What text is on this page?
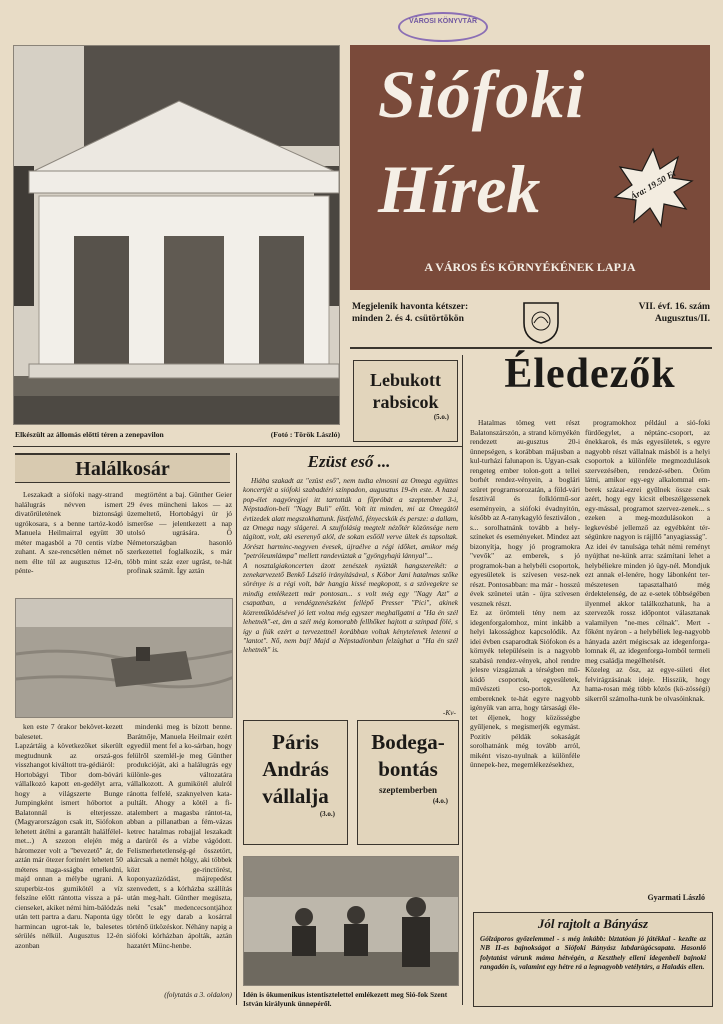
Elkészült az állomás előtti téren a zenepavilon	(Fotó : Török László)
Siófoki
Hírek
A VÁROS ÉS KÖRNYÉKÉNEK LAPJA
Ára: 19.50 Ft
VÁROSI KÖNYVTÁR
Megjelenik havonta kétszer:
minden 2. és 4. csütörtökön
VII. évf. 16. szám
Augusztus/II.
Lebukott
rabsicok
(5.o.)
Éledezők

Hatalmas tömeg vett részt Balatonszárszón, a strand környékén rendezett au-gusztus 20-i ünnepségen, s korábban májusban a kul-turházi falunapon is. Ugyan-csak rengeteg ember tolon-gott a tellei borhét rendez-vényein, a boglári szüret programsorozatán, a föld-vári fesztivál és folklórmű-sor eseményein, a siófoki évadnyitón, később az A-ranykagyló fesztiválon , s... sorolhatnánk tovább a hely-színeket és eseményeket. Mindez azt bizonyítja, hogy jó programokra "vevők" az emberek, s jó programok-ban a helybéli csoportok, egyesületek is szívesen vesz-nek részt. Pontosabban: ma már - hosszú évek szünetei után - újra szívesen vesznek részt.
Ez az örömteli tény nem az idegenforgalomhoz, mint inkább a helyi lakossághoz kapcsolódik. Az idei évben csaparodtak Siófokon és a környék településein is a nagyobb szabású rendez-vények, ahol rendre jelesre vizsgáznak a térségben mű-ködő csoportok, egyesületek, művészeti cso-portok. Az embereknek te-hát egyre nagyobb igényük van arra, hogy társasági éle-tet éljenek, hogy közösségbe gyűljenek, s megismerjék egymást. Pozitív példák sokaságát sorolhatnánk még tovább arról, miként viszo-nyulnak a különféle ünnepek-hez, megemlékezésekhez,

programokhoz például a sió-foki fürdőegylet, a néptánc-csoport, az énekkarok, és más egyesületek, s egyre nagyobb részt vállalnak másból is a helyi csoportok a különféle megmozdulások szervezésében, rendezé-sében. Öröm látni, amikor egy-egy alkalommal em-berek százai-ezrei gyűlnek össze csak azért, hogy egy kicsit elbeszélgessenek egy-mással, programot szervez-zenek... s ezeken a meg-mozdulásokon a legkevésbé jellemző az egyébként tér-ségünkre nagyon is rájjllő "anyagiasság".
Az idei év tanulsága tehát némi reményt nyújthat ne-künk arra: számítani lehet a helybéliekre minden jó ügy-nél. Mondjuk ezt annak el-lenére, hogy lábonként ter-mészetesen tapasztalható még érdektelenség, de az e-setek többségében ilyenmel akkor találkozhatunk, ha a szervezők rossz időpontot választanak valamilyen "ne-mes célnak". Mert - főként nyáron - a helybéliek leg-nagyobb hányada azért mégiscsak az idegenforga-lomnak él, az idegenforga-lomból termeli meg családja megélhetését.
Közeleg az ősz, az egye-sületi élet felvirágzásának ideje. Hisszük, hogy hama-rosan még több közös (kö-zösségi) sikerről számolha-tunk be olvasóinknak.

Gyarmati László
Jól rajtolt a Bányász
Gólzáporos győzelemmel - s még inkább: biztatóan jó játékkal - kezdte az NB II-es bajnokságot a Siófoki Bányász labdarúgócsapata. Hasonló folytatást várunk máma hétvégén, a Keszthely elleni idegenbeli bajnoki rangadón is, valamint egy hétre rá a legnagyobb vetélytárs, a Haladás ellen.
Halálkosár

Leszakadt a siófoki nagy-strand halálugrás névven ismert divatőrületének biztonsági ugrókosara, s a benne tartóz-kodó Manuela Heilmairral együtt 30 méter magasból a 70 centis vízbe zuhant. A sze-rencsétlen német nő nem élte túl az augusztus 12-én, pénte-

megtörtént a baj. Günther Geier 29 éves müncheni lakos — az üzemeltető, Hortobágyi úr jó ismerőse — jelentkezett a nap utolsó ugrására. Ő Németországban hasonló szerkezettel foglalkozik, s már több mint száz ezer ugrást, te-hát profinak számít. Így aztán

ken este 7 órakor bekövet-kezett balesetet.
Lapzártáig a következőket sikerült megtudnunk az orszá-gos visszhangot kiváltott tra-gédiáról:
Hortobágyi Tibor dom-bóvári vállalkozó kapott en-gedélyt arra, hogy a világszerte Bunge Jumpingként ismert hóbortot a Balatonnál is elterjessze. (Magyarországon csak itt, Siófokon lehetett átélni a garantált halálfélel-met...) A szezon elején még háromezer volt a "bevezető" ár, de aztán már ötezer forintért lehetett 50 méteres maga-sságba emelkedni, majd onnan a mélybe ugrani. A szuperbiz-tos gumikötél a víz felszíne előtt rántotta vissza a pá-cienseket, akiket némi him-bálódzás után tett partra a daru. Naponta úgy harmincan ugrot-tak le, balesetes sérülés nélkül. Augusztus 12-én azonban

mindenki meg is bízott benne. Barátnője, Manuela Heilmair ezért egyedül ment fel a ko-sárban, hogy felülről szemlél-je meg Günther produkcióját, aki a halálugrás egy különle-ges változatára vállalkozott. A gumikötél alulról ránotta felfelé, szaknyelven kata-pultált. Ahogy a kötél a fi-atalembert a magasba rántot-ta, abban a pillanatban a fém-vázas ketrec hatalmas robajjal leszakadt a darúról és a vízbe vágódott. Felismerhetetlenség-gé összetört, akárcsak a nemét hölgy, aki többek közt ge-rinctörést, koponyazúzódást, májrepedést szenvedett, s a kórházba szállítás után meg-halt. Günther megúszta, neki "csak" medencecsontjához törött le egy darab a kosárral történő ütközéskor. Néhány napig a siófoki kórházban ápolták, aztán hazatért Münc-henbe.

(folytatás a 3. oldalon)
Ezüst eső ...

Hiába szakadt az "ezüst eső", nem tudta elmosni az Omega együttes koncertjét a siófoki szabadtéri színpadon, augusztus 19-én este. A hazai pop-élet nagyöregjei itt tartották a főpróbát a szeptember 3-i, Népstadion-beli "Nagy Buli" előtt. Volt itt minden, mi az Omegától évtizedek alatt megszokhattunk. füstfelhő, fényecskók és persze: a dallam, az Omega nagy slágerei. A szujfolásig megtelt nézőtér közönsége nem tágított, volt, aki eserenyő alól, de sokan esőöll verve ültek és tapsoltak. Jórészt harminc-negyven évesek, újraélve a régi időket, amikor még "petróleumlámpa" mellett randevúztak a "gyöngyhajú lánnyal"...
A nosztalgiakoncerten ázott zenészek nyúzták hangszereikét: a zenekarvezető Benkő László irányításával, s Kóbor Jani hatalmas szőke sörénye is a régi volt, bár hangja kissé megkopott, s a szövegekre se mindig emlékezett már pontosan... s volt még egy "Nagy Azt" a csapatban, a vendégzenészként fellépő Presser "Pici", akinek közreműködésével jó lett volna még egyszer meghallgatni a "Ha én szél lehetnék"-et, ám a szél még komorabb fellhőket hajtott a színpad fölé, s így a fiúk ezért a tervezettnél korábban voltak kénytelenek letenni a "lantot". Nő, nem baj! Majd a Népstadionban felzúghat a "Ha én szél lehetnék" is.

-Kv-
Páris
András
vállalja
(3.o.)
Bodega-
bontás
szeptemberben
(4.o.)
Idén is ökumenikus istentisztelettel emlékezett meg Sió-fok Szent István királyunk ünnepéről.
